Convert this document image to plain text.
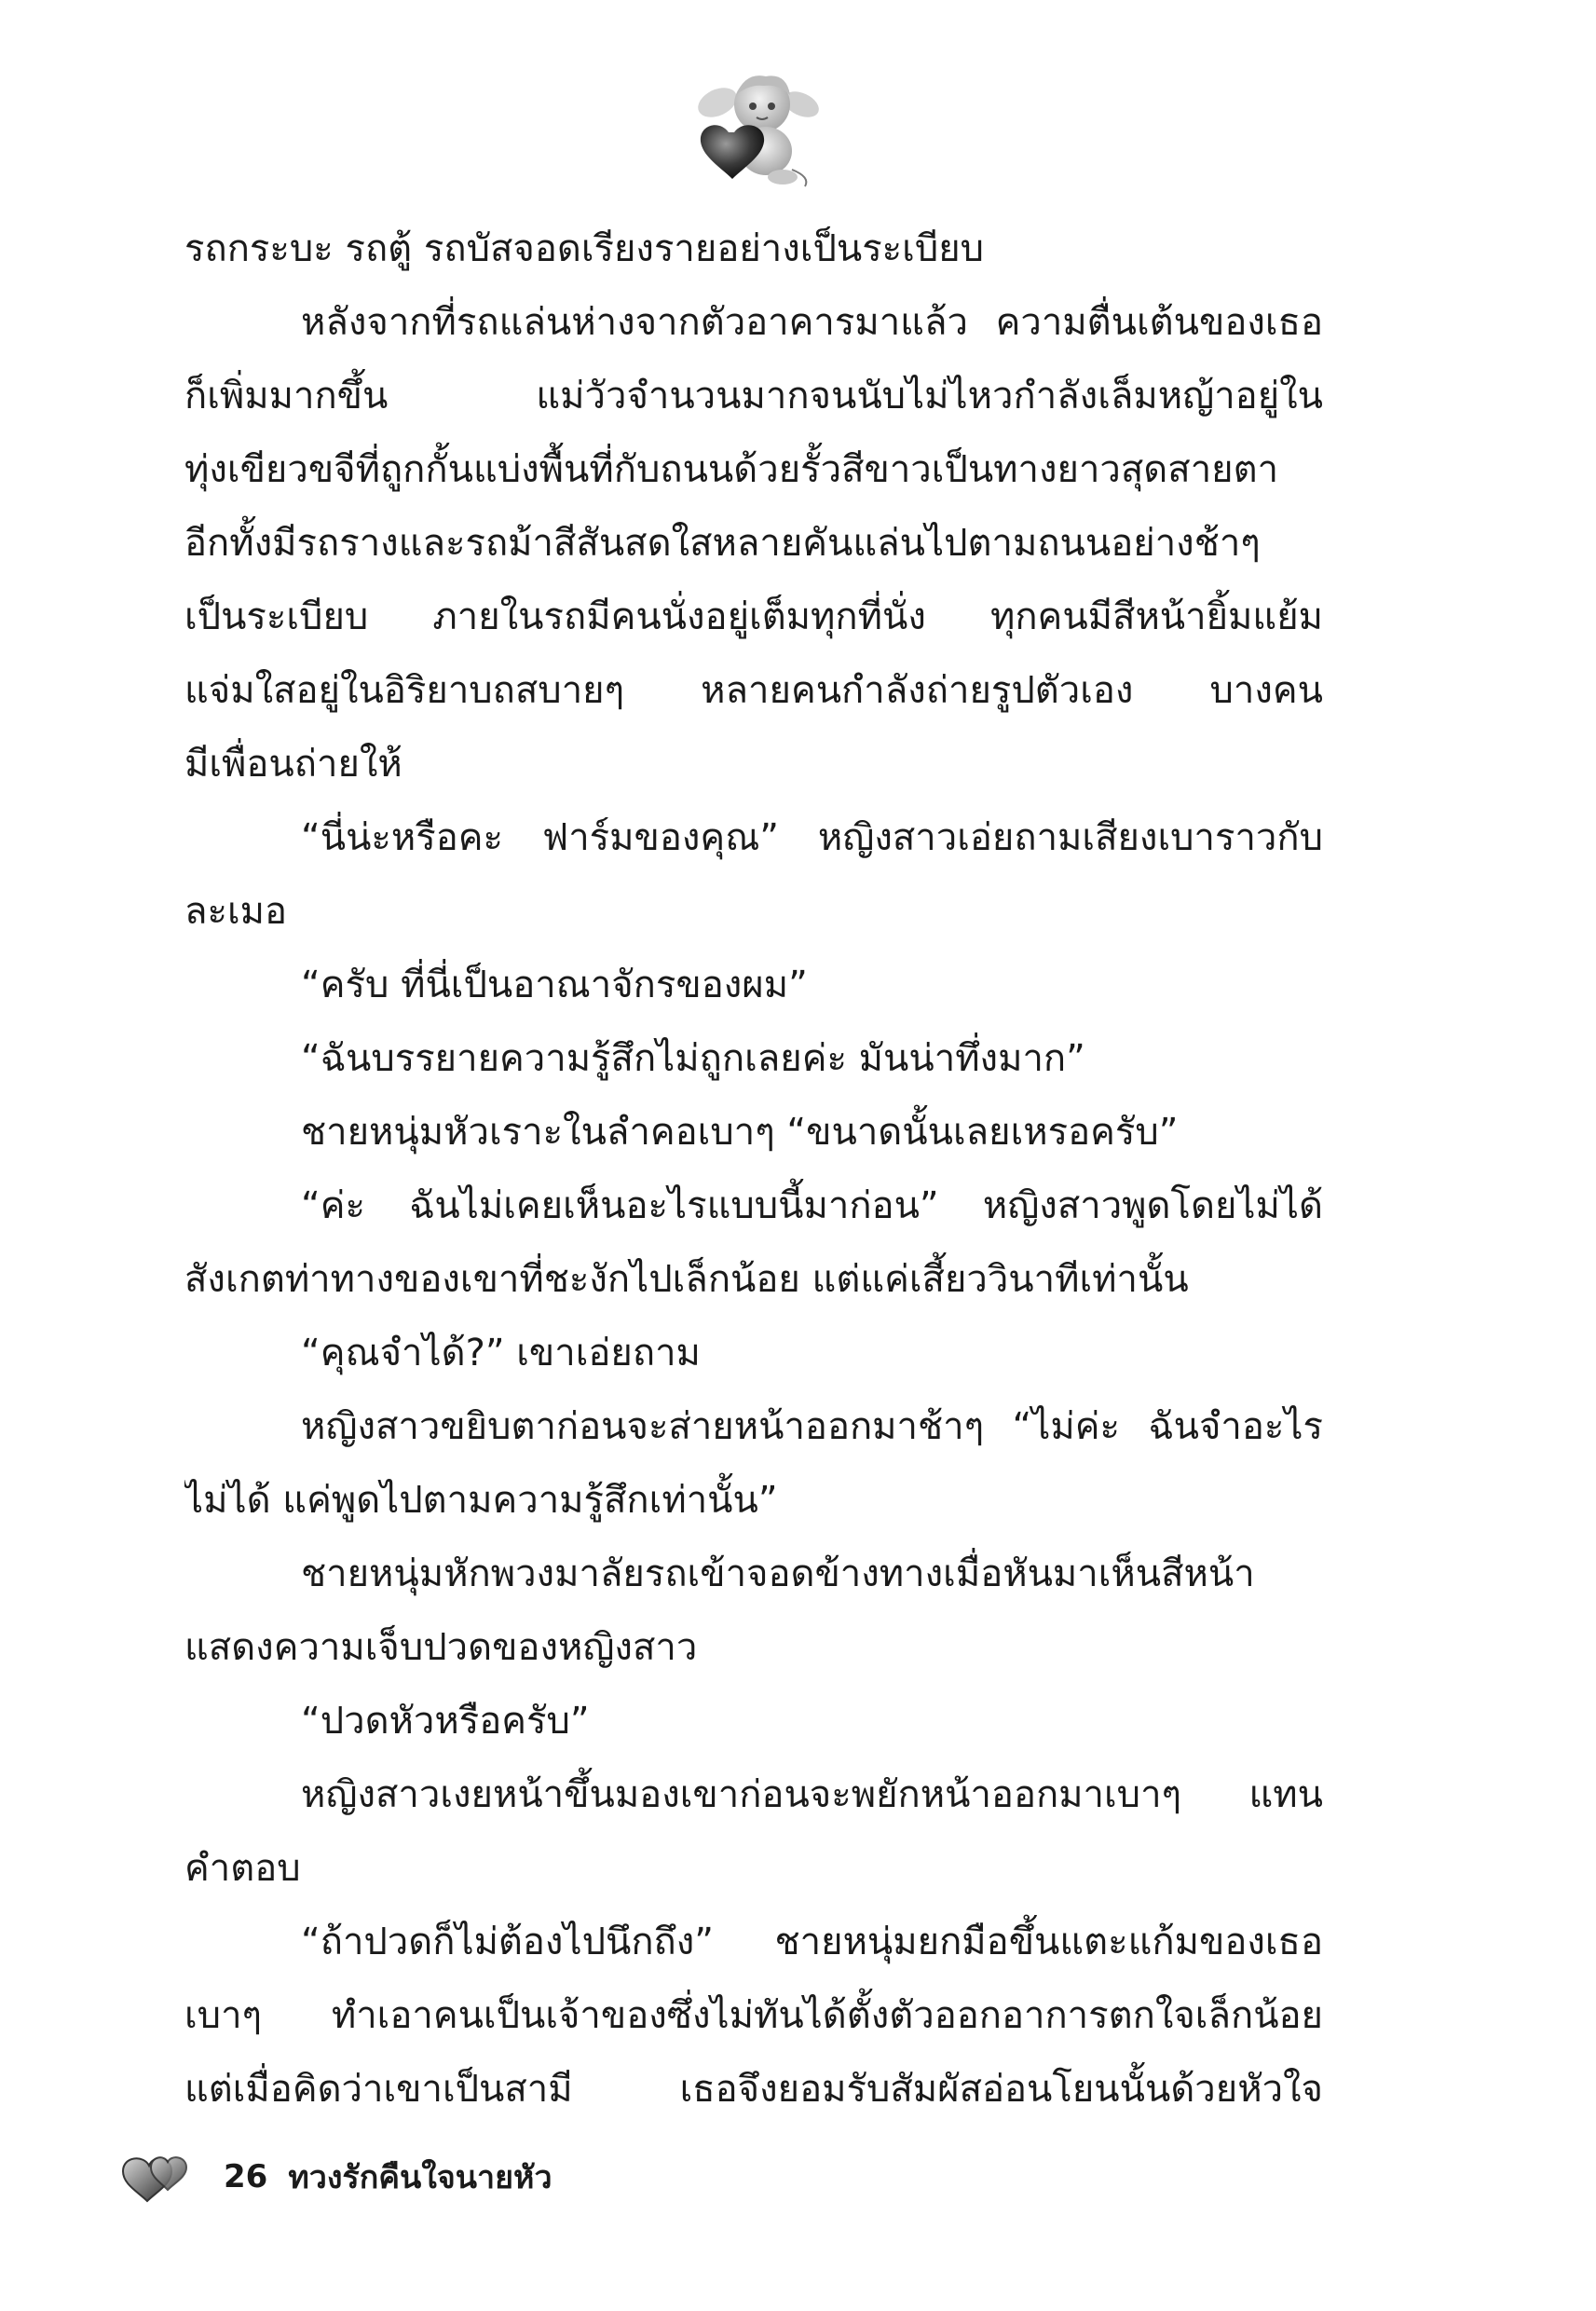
รถกระบะ รถตู้ รถบัสจอดเรียงรายอย่างเป็นระเบียบ
หลังจากที่รถแล่นห่างจากตัวอาคารมาแล้ว ความตื่นเต้นของเธอ
ก็เพิ่มมากขึ้น แม่วัวจำนวนมากจนนับไม่ไหวกำลังเล็มหญ้าอยู่ใน
ทุ่งเขียวขจีที่ถูกกั้นแบ่งพื้นที่กับถนนด้วยรั้วสีขาวเป็นทางยาวสุดสายตา
อีกทั้งมีรถรางและรถม้าสีสันสดใสหลายคันแล่นไปตามถนนอย่างช้าๆ
เป็นระเบียบ ภายในรถมีคนนั่งอยู่เต็มทุกที่นั่ง ทุกคนมีสีหน้ายิ้มแย้ม
แจ่มใสอยู่ในอิริยาบถสบายๆ หลายคนกำลังถ่ายรูปตัวเอง บางคน
มีเพื่อนถ่ายให้
“นี่น่ะหรือคะ ฟาร์มของคุณ” หญิงสาวเอ่ยถามเสียงเบาราวกับ
ละเมอ
“ครับ ที่นี่เป็นอาณาจักรของผม”
“ฉันบรรยายความรู้สึกไม่ถูกเลยค่ะ มันน่าทึ่งมาก”
ชายหนุ่มหัวเราะในลำคอเบาๆ “ขนาดนั้นเลยเหรอครับ”
“ค่ะ ฉันไม่เคยเห็นอะไรแบบนี้มาก่อน” หญิงสาวพูดโดยไม่ได้
สังเกตท่าทางของเขาที่ชะงักไปเล็กน้อย แต่แค่เสี้ยววินาทีเท่านั้น
“คุณจำได้?” เขาเอ่ยถาม
หญิงสาวขยิบตาก่อนจะส่ายหน้าออกมาช้าๆ “ไม่ค่ะ ฉันจำอะไร
ไม่ได้ แค่พูดไปตามความรู้สึกเท่านั้น”
ชายหนุ่มหักพวงมาลัยรถเข้าจอดข้างทางเมื่อหันมาเห็นสีหน้า
แสดงความเจ็บปวดของหญิงสาว
“ปวดหัวหรือครับ”
หญิงสาวเงยหน้าขึ้นมองเขาก่อนจะพยักหน้าออกมาเบาๆ แทน
คำตอบ
“ถ้าปวดก็ไม่ต้องไปนึกถึง” ชายหนุ่มยกมือขึ้นแตะแก้มของเธอ
เบาๆ ทำเอาคนเป็นเจ้าของซึ่งไม่ทันได้ตั้งตัวออกอาการตกใจเล็กน้อย
แต่เมื่อคิดว่าเขาเป็นสามี เธอจึงยอมรับสัมผัสอ่อนโยนนั้นด้วยหัวใจ
26 ทวงรักคืนใจนายหัว
